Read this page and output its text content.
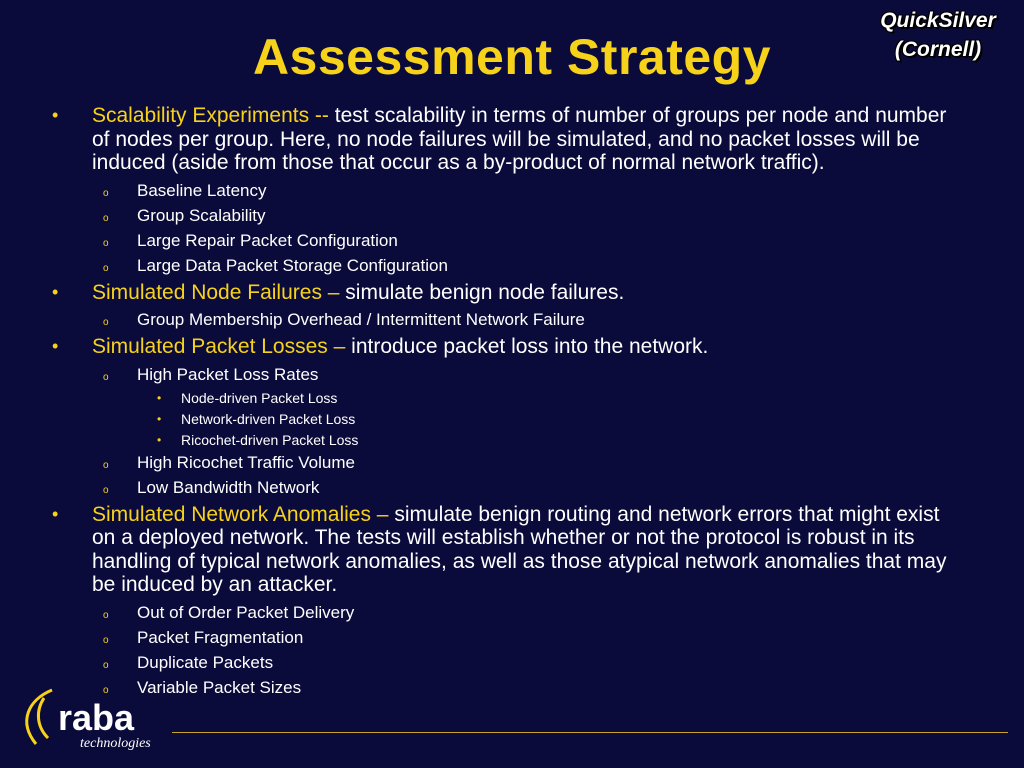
Assessment Strategy
QuickSilver
(Cornell)
• Scalability Experiments -- test scalability in terms of number of groups per node and number of nodes per group. Here, no node failures will be simulated, and no packet losses will be induced (aside from those that occur as a by-product of normal network traffic).
o Baseline Latency
o Group Scalability
o Large Repair Packet Configuration
o Large Data Packet Storage Configuration
• Simulated Node Failures – simulate benign node failures.
o Group Membership Overhead / Intermittent Network Failure
• Simulated Packet Losses – introduce packet loss into the network.
o High Packet Loss Rates
• Node-driven Packet Loss
• Network-driven Packet Loss
• Ricochet-driven Packet Loss
o High Ricochet Traffic Volume
o Low Bandwidth Network
• Simulated Network Anomalies – simulate benign routing and network errors that might exist on a deployed network. The tests will establish whether or not the protocol is robust in its handling of typical network anomalies, as well as those atypical network anomalies that may be induced by an attacker.
o Out of Order Packet Delivery
o Packet Fragmentation
o Duplicate Packets
o Variable Packet Sizes
raba
technologies
